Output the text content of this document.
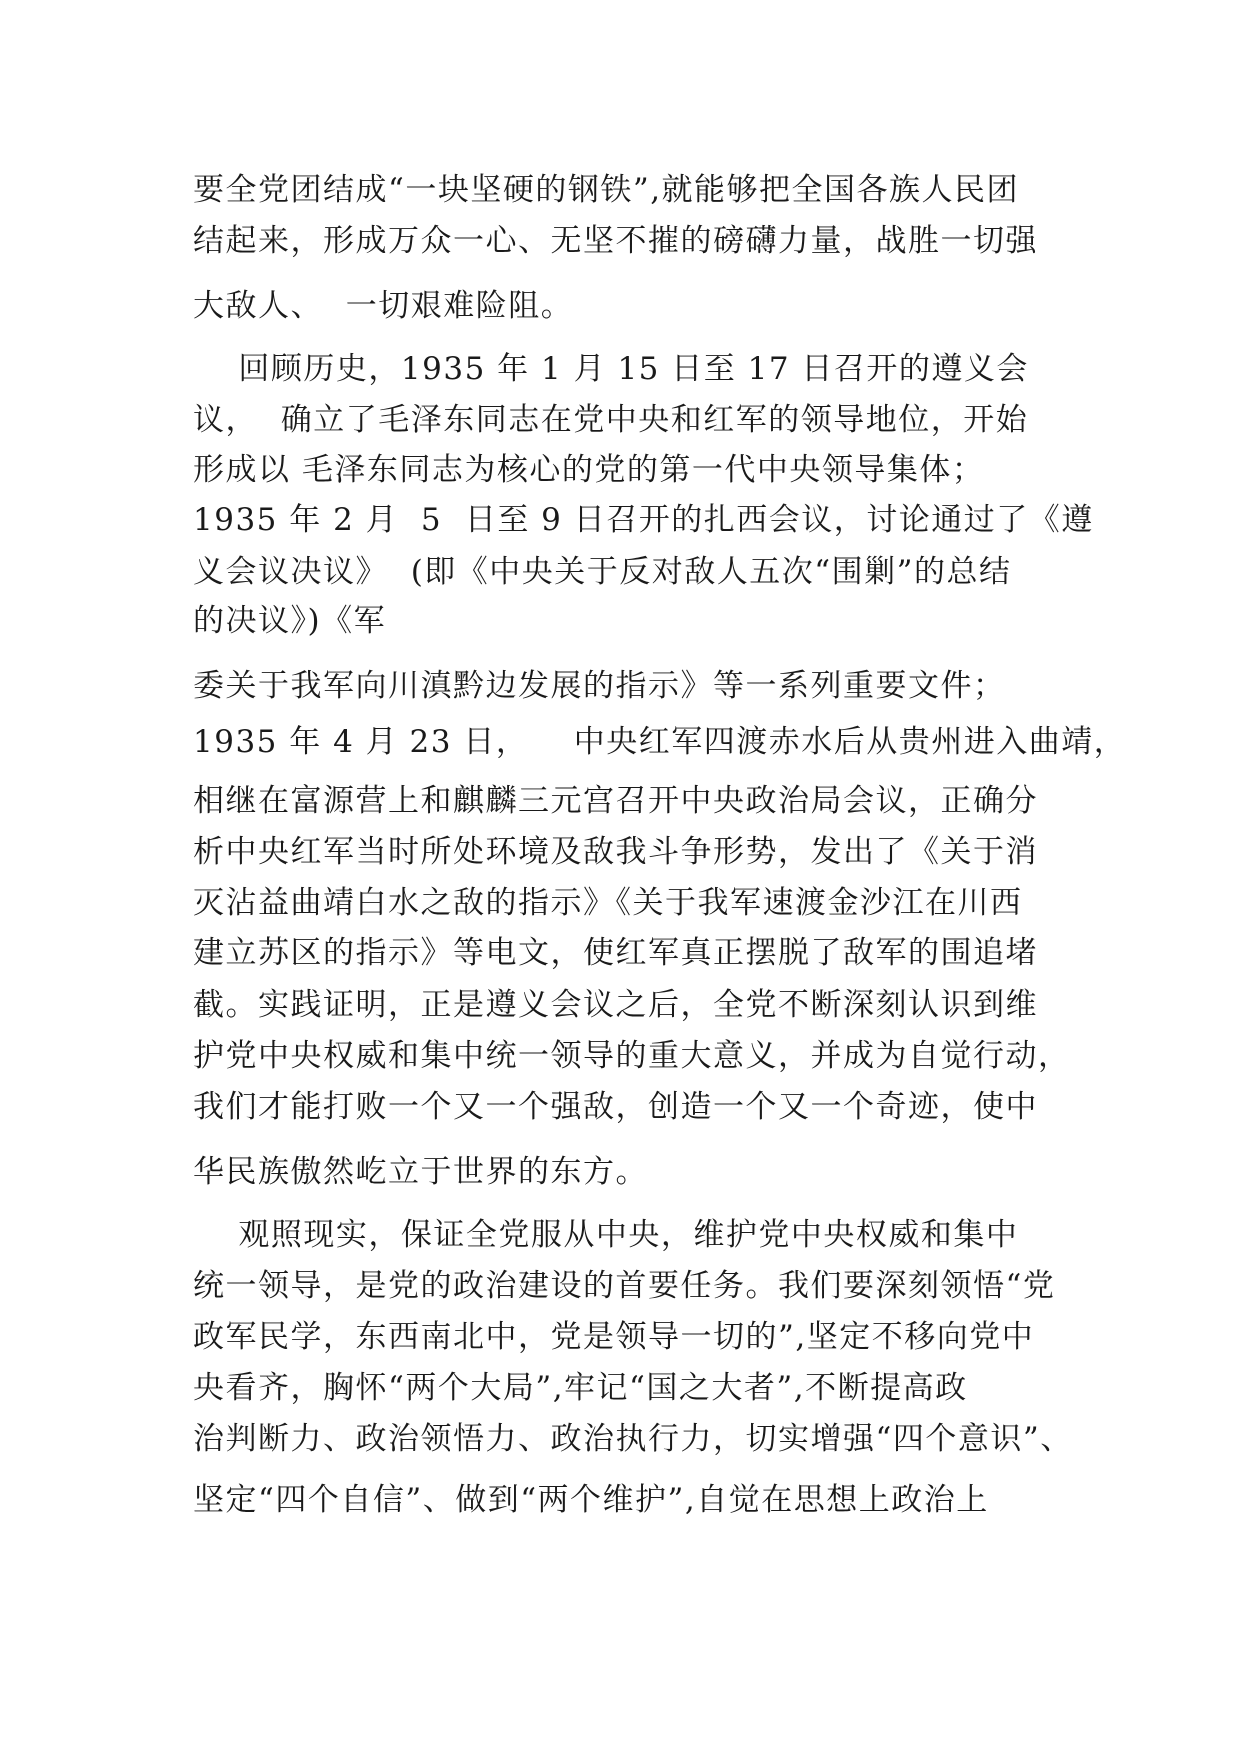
要全党团结成“一块坚硬的钢铁”,就能够把全国各族人民团

结起来，形成万众一心、无坚不摧的磅礴力量，战胜一切强

大敌人、  一切艰难险阻。

回顾历史，1935 年 1 月 15 日至 17 日召开的遵义会

议，  确立了毛泽东同志在党中央和红军的领导地位，开始

形成以 毛泽东同志为核心的党的第一代中央领导集体；

1935 年 2 月  5  日至 9 日召开的扎西会议，讨论通过了《遵

义会议决议》  (即《中央关于反对敌人五次“围剿”的总结

的决议》)《军

委关于我军向川滇黔边发展的指示》等一系列重要文件；

1935 年 4 月 23 日，    中央红军四渡赤水后从贵州进入曲靖，

相继在富源营上和麒麟三元宫召开中央政治局会议，正确分

析中央红军当时所处环境及敌我斗争形势，发出了《关于消

灭沾益曲靖白水之敌的指示》《关于我军速渡金沙江在川西

建立苏区的指示》等电文，使红军真正摆脱了敌军的围追堵

截。实践证明，正是遵义会议之后，全党不断深刻认识到维

护党中央权威和集中统一领导的重大意义，并成为自觉行动，

我们才能打败一个又一个强敌，创造一个又一个奇迹，使中

华民族傲然屹立于世界的东方。

观照现实，保证全党服从中央，维护党中央权威和集中

统一领导，是党的政治建设的首要任务。我们要深刻领悟“党

政军民学，东西南北中，党是领导一切的”,坚定不移向党中

央看齐，胸怀“两个大局”,牢记“国之大者”,不断提高政

治判断力、政治领悟力、政治执行力，切实增强“四个意识”、

坚定“四个自信”、做到“两个维护”,自觉在思想上政治上
